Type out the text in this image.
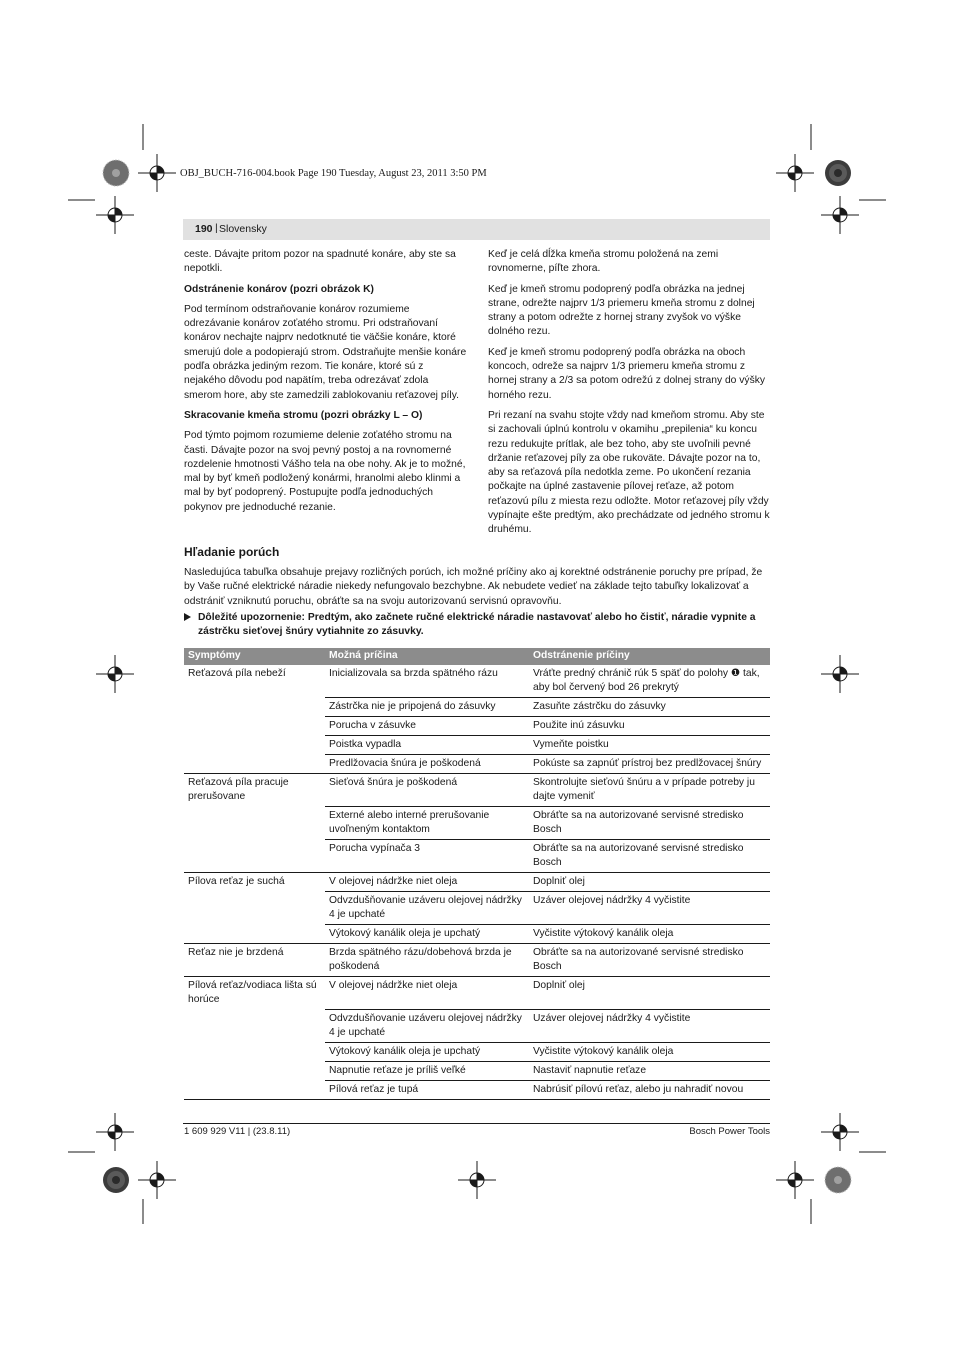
OBJ_BUCH-716-004.book Page 190 Tuesday, August 23, 2011 3:50 PM
190 | Slovensky

ceste. Dávajte pritom pozor na spadnuté konáre, aby ste sa nepotkli.

Odstránenie konárov (pozri obrázok K)

Pod termínom odstraňovanie konárov rozumieme odrezávanie konárov zoťatého stromu. Pri odstraňovaní konárov nechajte najprv nedotknuté tie väčšie konáre, ktoré smerujú dole a podopierajú strom. Odstraňujte menšie konáre podľa obrázka jediným rezom. Tie konáre, ktoré sú z nejakého dôvodu pod napätím, treba odrezávať zdola smerom hore, aby ste zamedzili zablokovaniu reťazovej píly.

Skracovanie kmeňa stromu (pozri obrázky L – O)

Pod týmto pojmom rozumieme delenie zoťatého stromu na časti. Dávajte pozor na svoj pevný postoj a na rovnomerné rozdelenie hmotnosti Vášho tela na obe nohy. Ak je to možné, mal by byť kmeň podložený konármi, hranolmi alebo klinmi a mal by byť podoprený. Postupujte podľa jednoduchých pokynov pre jednoduché rezanie.

Keď je celá dĺžka kmeňa stromu položená na zemi rovnomerne, píľte zhora.

Keď je kmeň stromu podoprený podľa obrázka na jednej strane, odrežte najprv 1/3 priemeru kmeňa stromu z dolnej strany a potom odrežte z hornej strany zvyšok vo výške dolného rezu.

Keď je kmeň stromu podoprený podľa obrázka na oboch koncoch, odreže sa najprv 1/3 priemeru kmeňa stromu z hornej strany a 2/3 sa potom odrežú z dolnej strany do výšky horného rezu.

Pri rezaní na svahu stojte vždy nad kmeňom stromu. Aby ste si zachovali úplnú kontrolu v okamihu „prepilenia“ ku koncu rezu redukujte prítlak, ale bez toho, aby ste uvoľnili pevné držanie reťazovej píly za obe rukoväte. Dávajte pozor na to, aby sa reťazová píla nedotkla zeme. Po ukončení rezania počkajte na úplné zastavenie pílovej reťaze, až potom reťazovú pílu z miesta rezu odložte. Motor reťazovej píly vždy vypínajte ešte predtým, ako prechádzate od jedného stromu k druhému.

Hľadanie porúch
Nasledujúca tabuľka obsahuje prejavy rozličných porúch, ich možné príčiny ako aj korektné odstránenie poruchy pre prípad, že by Vaše ručné elektrické náradie niekedy nefungovalo bezchybne. Ak nebudete vedieť na základe tejto tabuľky lokalizovať a odstrániť vzniknutú poruchu, obráťte sa na svoju autorizovanú servisnú opravovňu.
Dôležité upozornenie: Predtým, ako začnete ručné elektrické náradie nastavovať alebo ho čistiť, náradie vypnite a zástrčku sieťovej šnúry vytiahnite zo zásuvky.
Symptómy	Možná príčina	Odstránenie príčiny
Reťazová píla nebeží	Inicializovala sa brzda spätného rázu	Vráťte predný chránič rúk 5 späť do polohy ❶ tak, aby bol červený bod 26 prekrytý
	Zástrčka nie je pripojená do zásuvky	Zasuňte zástrčku do zásuvky
	Porucha v zásuvke	Použite inú zásuvku
	Poistka vypadla	Vymeňte poistku
	Predlžovacia šnúra je poškodená	Pokúste sa zapnúť prístroj bez predlžovacej šnúry
Reťazová píla pracuje prerušovane	Sieťová šnúra je poškodená	Skontrolujte sieťovú šnúru a v prípade potreby ju dajte vymeniť
	Externé alebo interné prerušovanie uvoľneným kontaktom	Obráťte sa na autorizované servisné stredisko Bosch
	Porucha vypínača 3	Obráťte sa na autorizované servisné stredisko Bosch
Pílova reťaz je suchá	V olejovej nádržke niet oleja	Doplniť olej
	Odvzdušňovanie uzáveru olejovej nádržky 4 je upchaté	Uzáver olejovej nádržky 4 vyčistite
	Výtokový kanálik oleja je upchatý	Vyčistite výtokový kanálik oleja
Reťaz nie je brzdená	Brzda spätného rázu/dobehová brzda je poškodená	Obráťte sa na autorizované servisné stredisko Bosch
Pílová reťaz/vodiaca lišta sú horúce	V olejovej nádržke niet oleja	Doplniť olej
	Odvzdušňovanie uzáveru olejovej nádržky 4 je upchaté	Uzáver olejovej nádržky 4 vyčistite
	Výtokový kanálik oleja je upchatý	Vyčistite výtokový kanálik oleja
	Napnutie reťaze je príliš veľké	Nastaviť napnutie reťaze
	Pílová reťaz je tupá	Nabrúsiť pílovú reťaz, alebo ju nahradiť novou
1 609 929 V11 | (23.8.11)	Bosch Power Tools
